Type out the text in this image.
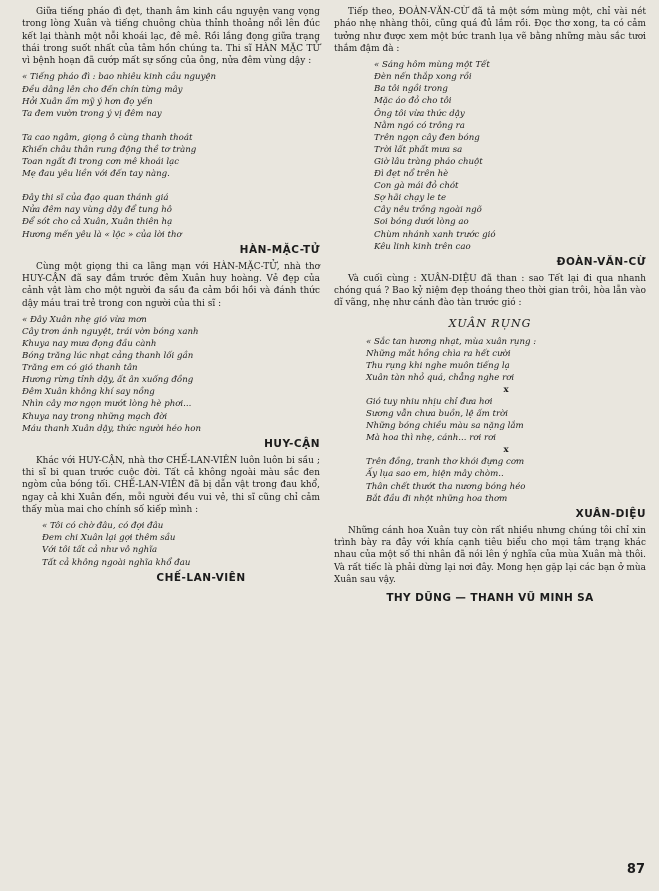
Giữa tiếng pháo đì đẹt, thanh âm kinh cầu nguyện vang vọng trong lòng Xuân và tiếng chuông chùa thỉnh thoảng nổi lên đúc kết lại thành một nỗi khoái lạc, đê mê. Rồi lắng đọng giữa trạng thái trong suốt nhất của tâm hồn chúng ta. Thi sĩ HÀN MẶC TỬ vì bệnh hoạn đã cướp mất sự sống của ông, nửa đêm vùng dậy :

« Tiếng pháo đì : bao nhiêu kinh cầu nguyện
Đều dâng lên cho đến chín từng mây
Hởi Xuân ấm mỹ ý hơn đọ yến
Ta đem vườn trong ý vị đêm nay
Ta cao ngâm, giọng ô cùng thanh thoát
Khiến châu thân rung động thề tơ tràng
Toan ngất đi trong cơn mê khoái lạc
Mẹ đau yêu liền với đến tay nàng.
Đây thi sĩ của đạo quan thánh giá
Nửa đêm nay vùng dậy để tung hô
Để sót cho cả Xuân, Xuân thiên hạ
Hương mến yêu là « lộc » của lời thơ

HÀN-MẶC-TỬ

Cùng một giọng thi ca lãng mạn với HÀN-MẶC-TỬ, nhà thơ HUY-CẬN đã say đắm trước đêm Xuân huy hoàng. Vẻ đẹp của cảnh vật làm cho một người đa sầu đa cảm bồi hồi và đánh thức dậy máu trai trẻ trong con người của thi sĩ :

« Đây Xuân nhẹ gió vừa mơn
Cây trơn ánh nguyệt, trái vờn bóng xanh
Khuya nay mưa đọng đầu cành
Bóng trăng lúc nhạt cảng thanh lối gần
Trăng em có gió thanh tân
Hương rừng tỉnh dậy, ất ân xuống đồng
Đêm Xuân không khí say nồng
Nhìn cây mơ ngọn mướt lòng hè phơi...
Khuya nay trong những mạch đời
Máu thanh Xuân dậy, thức người héo hon

HUY-CẬN

Khác với HUY-CẬN, nhà thơ CHẾ-LAN-VIÊN luôn luôn bi sầu ; thi sĩ bi quan trước cuộc đời. Tất cả không ngoài màu sắc đen ngòm của bóng tối. CHẾ-LAN-VIÊN đã bị dẫn vật trong đau khổ, ngay cả khi Xuân đến, mỗi người đều vui vẻ, thi sĩ cũng chỉ cảm thấy mùa mai cho chính số kiếp mình :

« Tôi có chờ đâu, có đợi đâu
Đem chi Xuân lại gợi thêm sầu
Với tôi tất cả như vô nghĩa
Tất cả không ngoài nghĩa khổ đau

CHẾ-LAN-VIÊN

Tiếp theo, ĐOÀN-VĂN-CỪ đã tả một sớm mùng một, chỉ vài nét pháo nhẹ nhàng thôi, cũng quá đủ lắm rồi. Đọc thơ xong, ta có cảm tưởng như được xem một bức tranh lụa vẽ bằng những màu sắc tươi thắm đậm đà :

« Sáng hôm mùng một Tết
Đèn nến thắp xong rồi
Ba tôi ngồi trong
Mặc áo đỏ cho tôi
Ông tôi vừa thức dậy
Nằm ngó có trông ra
Trên ngọn cây đen bóng
Trời lất phất mưa sa
Giờ lâu tràng pháo chuột
Đì đẹt nổ trên hè
Con gà mái đỏ chót
Sợ hãi chạy le te
Cây nêu trồng ngoài ngõ
Soi bóng dưới lòng ao
Chùm nhánh xanh trước gió
Kêu linh kinh trên cao

ĐOÀN-VĂN-CỪ

Và cuối cùng : XUÂN-DIỆU đã than : sao Tết lại đi qua nhanh chóng quá ? Bao kỷ niệm đẹp thoáng theo thời gian trôi, hòa lẫn vào dĩ vãng, nhẹ như cánh đào tàn trước gió :

XUÂN RỤNG

« Sắc tan hương nhạt, mùa xuân rụng :
Những mắt hồng chìa ra hết cười
Thu rụng khi nghe muôn tiếng lạ
Xuân tàn nhỏ quá, chẳng nghe rơi
x
Gió tuy nhiu nhịu chỉ đưa hơi
Sương vẫn chưa buồn, lệ ấm trời
Những bóng chiều màu sa nặng lắm
Mà hoa thì nhẹ, cánh... rơi rơi
x
Trên đồng, tranh thơ khói đựng cơm
Ấy lụa sao em, hiện mây chòm..
Thân chết thướt tha nương bóng héo
Bắt đầu đi nhột những hoa thơm

XUÂN-DIỆU

Những cánh hoa Xuân tuy còn rất nhiều nhưng chúng tôi chỉ xin trình bày ra đây với khía cạnh tiêu biểu cho mọi tâm trạng khác nhau của một số thi nhân đã nói lên ý nghĩa của mùa Xuân mà thôi. Và rất tiếc là phải dừng lại nơi đây. Mong hẹn gặp lại các bạn ở mùa Xuân sau vậy.

THY DŨNG — THANH VŨ MINH SA

87
